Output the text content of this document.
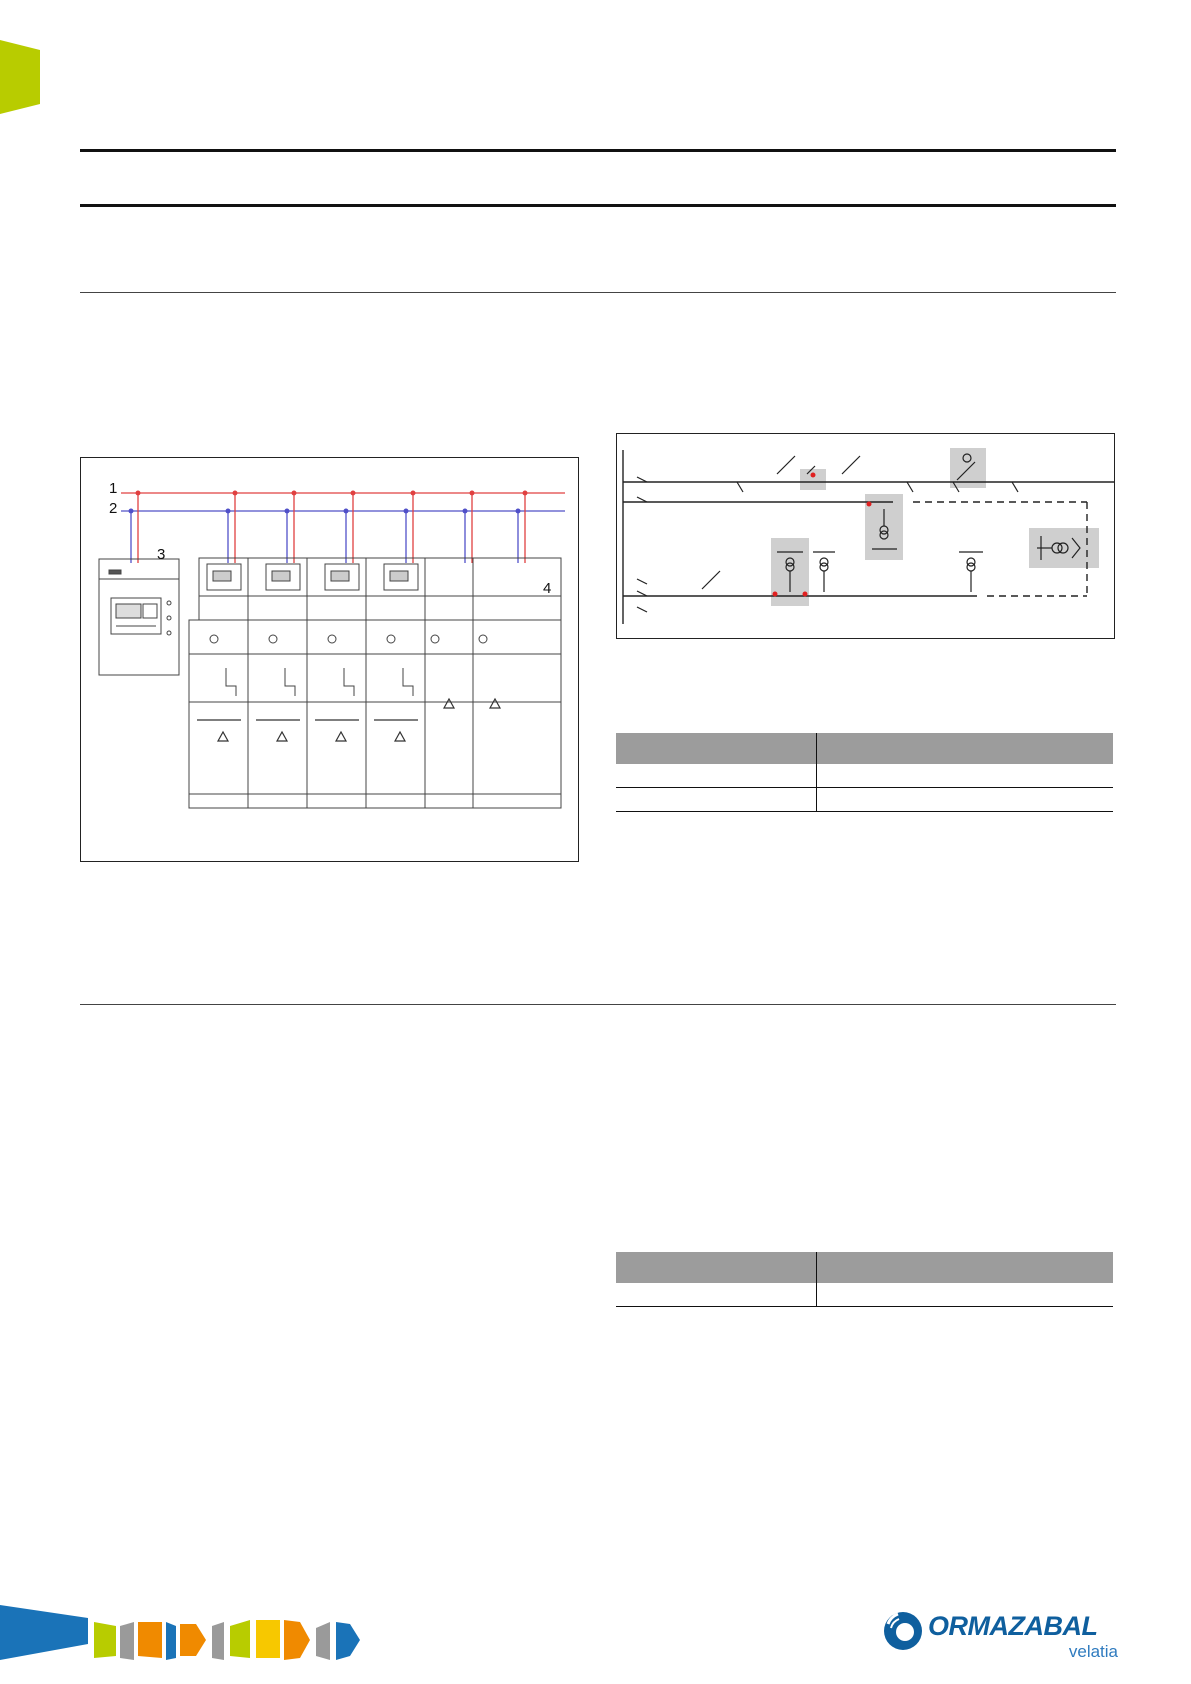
1
2
3
4

ORMAZABAL
velatia
